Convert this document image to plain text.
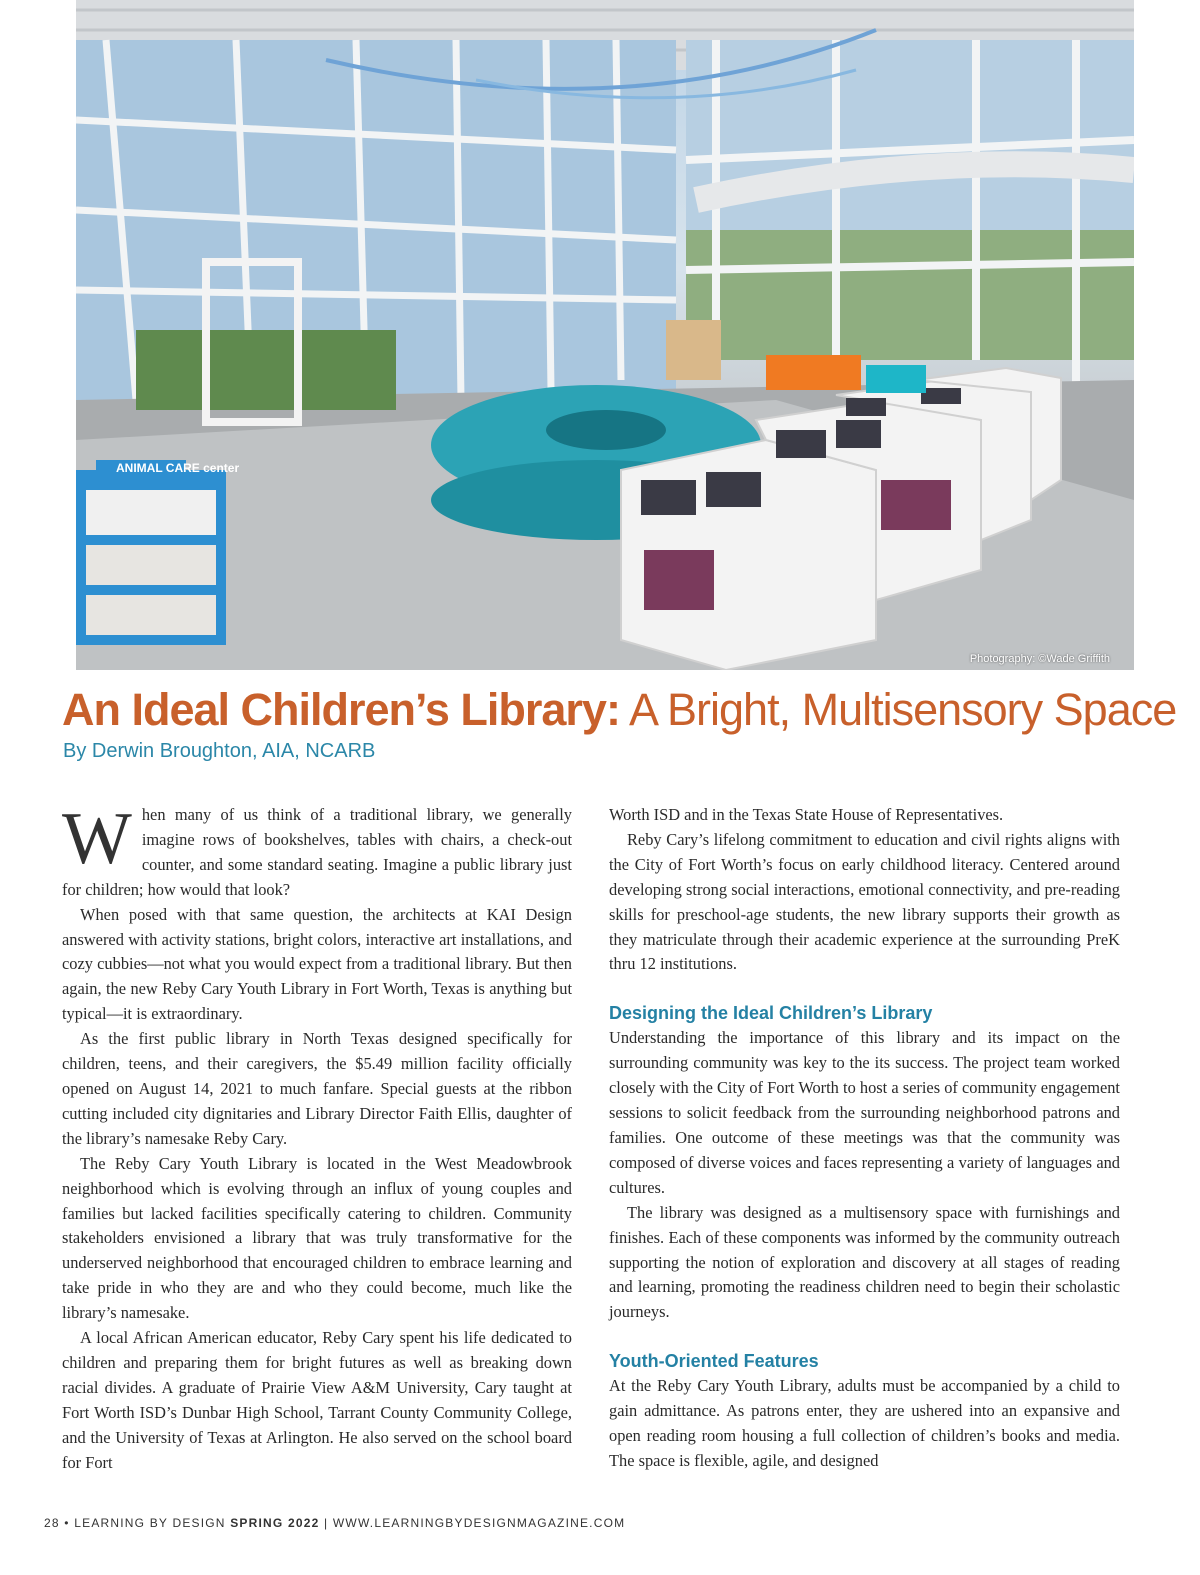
ANIMAL CARE center
Photography: ©Wade Griffith
An Ideal Children’s Library: A Bright, Multisensory Space
By Derwin Broughton, AIA, NCARB

When many of us think of a traditional library, we generally imagine rows of bookshelves, tables with chairs, a check-out counter, and some standard seating. Imagine a public library just for children; how would that look?

When posed with that same question, the architects at KAI Design answered with activity stations, bright colors, interactive art installations, and cozy cubbies—not what you would expect from a traditional library. But then again, the new Reby Cary Youth Library in Fort Worth, Texas is anything but typical—it is extraordinary.

As the first public library in North Texas designed specifically for children, teens, and their caregivers, the $5.49 million facility officially opened on August 14, 2021 to much fanfare. Special guests at the ribbon cutting included city dignitaries and Library Director Faith Ellis, daughter of the library’s namesake Reby Cary.

The Reby Cary Youth Library is located in the West Meadowbrook neighborhood which is evolving through an influx of young couples and families but lacked facilities specifically catering to children. Community stakeholders envisioned a library that was truly transformative for the underserved neighborhood that encouraged children to embrace learning and take pride in who they are and who they could become, much like the library’s namesake.

A local African American educator, Reby Cary spent his life dedicated to children and preparing them for bright futures as well as breaking down racial divides. A graduate of Prairie View A&M University, Cary taught at Fort Worth ISD’s Dunbar High School, Tarrant County Community College, and the University of Texas at Arlington. He also served on the school board for Fort

Worth ISD and in the Texas State House of Representatives.

Reby Cary’s lifelong commitment to education and civil rights aligns with the City of Fort Worth’s focus on early childhood literacy. Centered around developing strong social interactions, emotional connectivity, and pre-reading skills for preschool-age students, the new library supports their growth as they matriculate through their academic experience at the surrounding PreK thru 12 institutions.

Designing the Ideal Children’s Library

Understanding the importance of this library and its impact on the surrounding community was key to the its success. The project team worked closely with the City of Fort Worth to host a series of community engagement sessions to solicit feedback from the surrounding neighborhood patrons and families. One outcome of these meetings was that the community was composed of diverse voices and faces representing a variety of languages and cultures.

The library was designed as a multisensory space with furnishings and finishes. Each of these components was informed by the community outreach supporting the notion of exploration and discovery at all stages of reading and learning, promoting the readiness children need to begin their scholastic journeys.

Youth-Oriented Features

At the Reby Cary Youth Library, adults must be accompanied by a child to gain admittance. As patrons enter, they are ushered into an expansive and open reading room housing a full collection of children’s books and media. The space is flexible, agile, and designed

28 • LEARNING BY DESIGN SPRING 2022 | WWW.LEARNINGBYDESIGNMAGAZINE.COM
